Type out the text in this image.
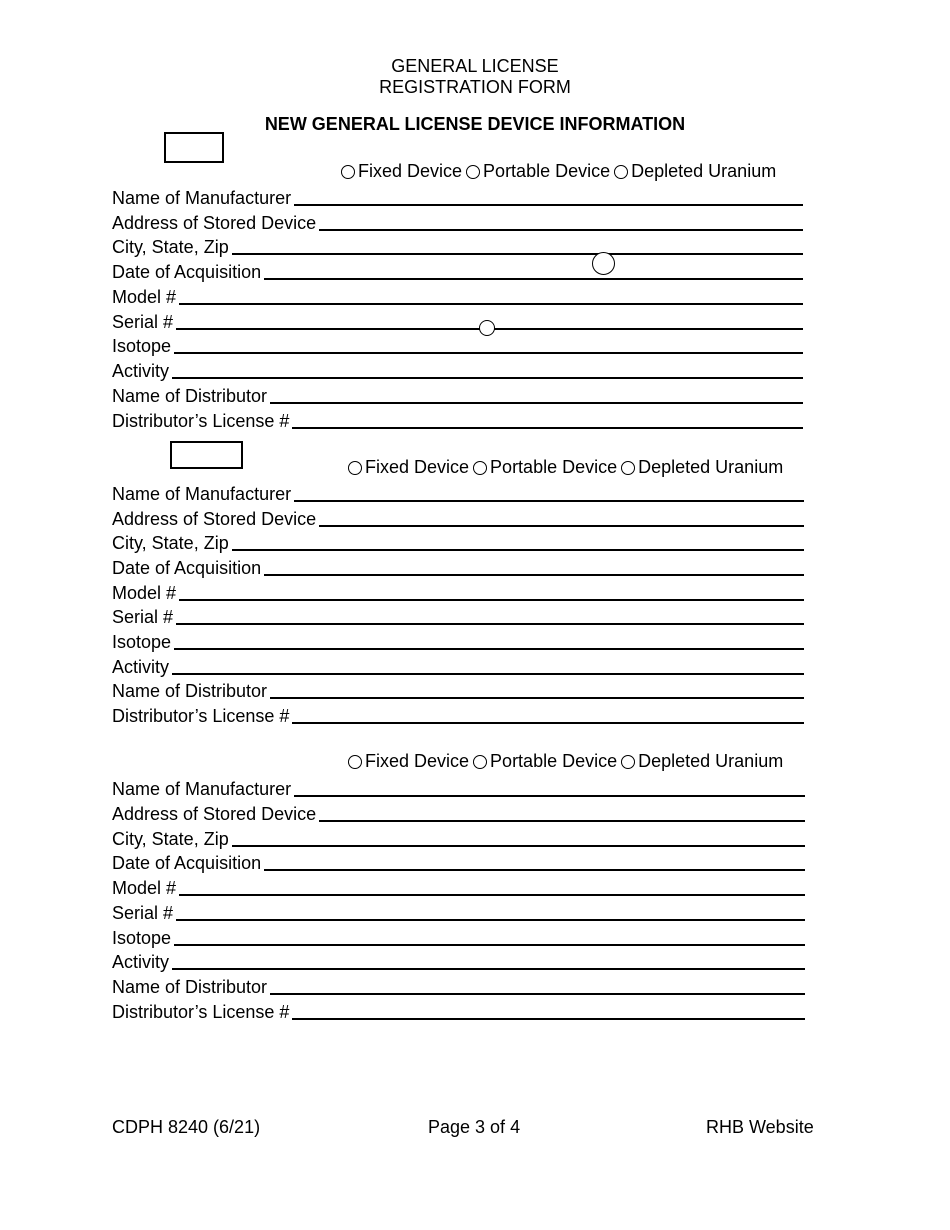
GENERAL LICENSE
REGISTRATION FORM
NEW GENERAL LICENSE DEVICE INFORMATION
Fixed Device Portable Device Depleted Uranium
Name of Manufacturer
Address of Stored Device
City, State, Zip
Date of Acquisition
Model #
Serial #
Isotope
Activity
Name of Distributor
Distributor’s License #
Fixed Device Portable Device Depleted Uranium
Name of Manufacturer
Address of Stored Device
City, State, Zip
Date of Acquisition
Model #
Serial #
Isotope
Activity
Name of Distributor
Distributor’s License #
Fixed Device Portable Device Depleted Uranium
Name of Manufacturer
Address of Stored Device
City, State, Zip
Date of Acquisition
Model #
Serial #
Isotope
Activity
Name of Distributor
Distributor’s License #
CDPH 8240 (6/21)	Page 3 of 4	RHB Website
